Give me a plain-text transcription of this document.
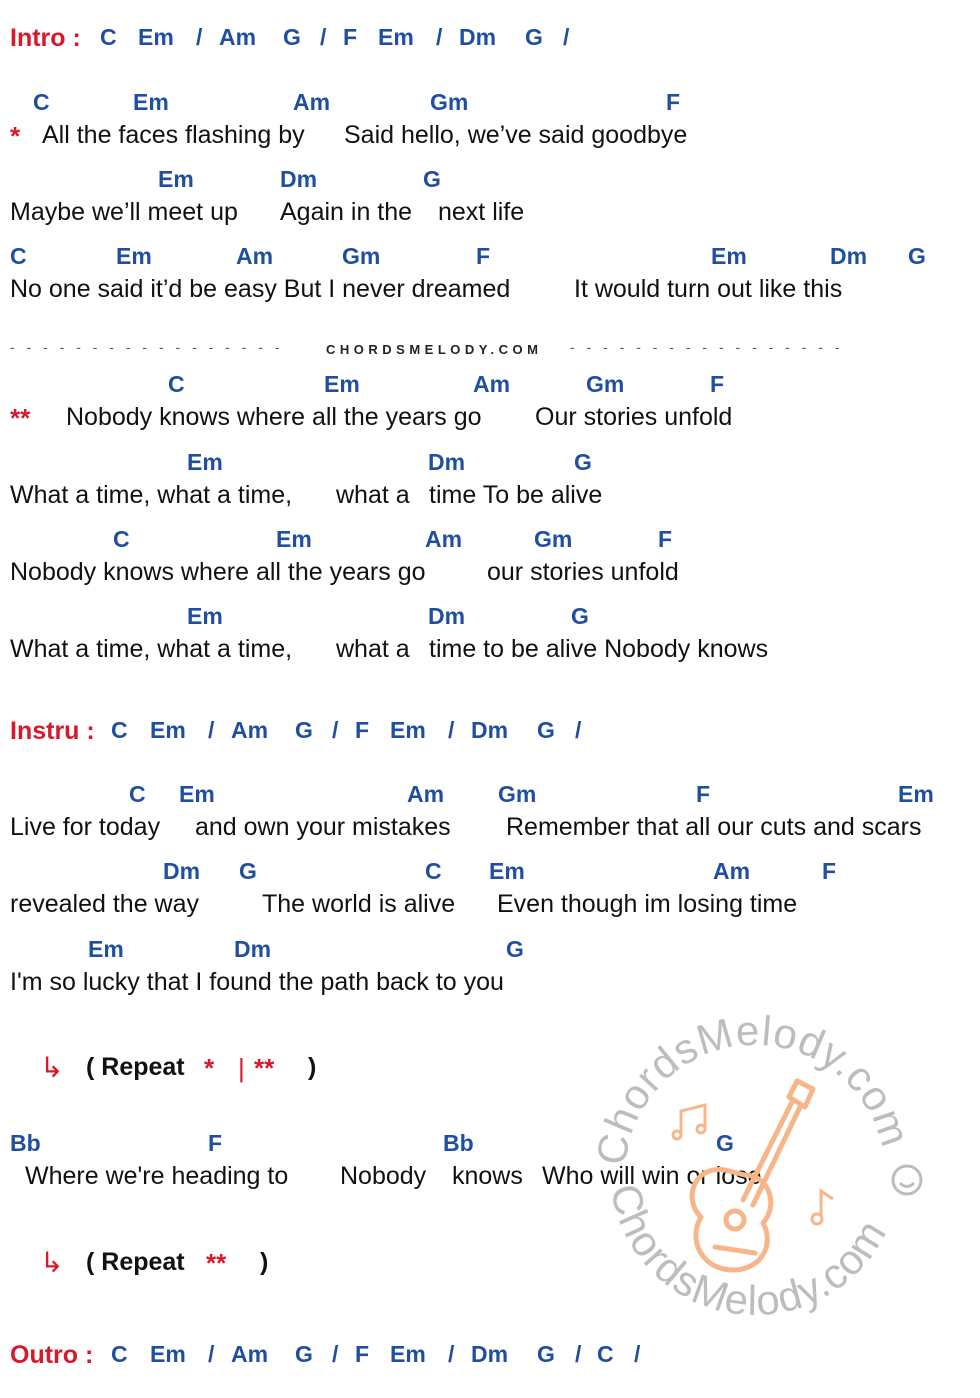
Intro : C Em / Am G / F Em / Dm G /
C	Em	Am	Gm	F
* All the faces flashing by Said hello, we’ve said goodbye
Em	Dm	G
Maybe we’ll meet up Again in the next life
C	Em	Am	Gm	F	Em	Dm G
No one said it’d be easy But I never dreamed	It would turn out like this
- - - - - - - - - - - - - - - - -	CHORDSMELODY.COM - - - - - - - - - - - - - - - - -
C	Em	Am	Gm	F
** Nobody knows where all the years go Our stories unfold
Em	Dm	G
What a time, what a time, what a time To be alive
C	Em	Am	Gm	F
Nobody knows where all the years go our stories unfold
Em	Dm	G
What a time, what a time, what a time to be alive Nobody knows
Instru : C Em / Am G / F Em / Dm G /
C Em	Am Gm	F	Em
Live for today and own your mistakes Remember that all our cuts and scars
Dm G	C Em	Am	F
revealed the way	The world is alive Even though im losing time
Em	Dm	G
I'm so lucky that I found the path back to you
↳ ( Repeat * | ** )
Bb	F	Bb	G
Where we're heading to Nobody knows Who will win or lose
↳ ( Repeat ** )
Outro : C Em / Am G / F Em / Dm G / C /
ChordsMelody.com
ChordsMelody.com
